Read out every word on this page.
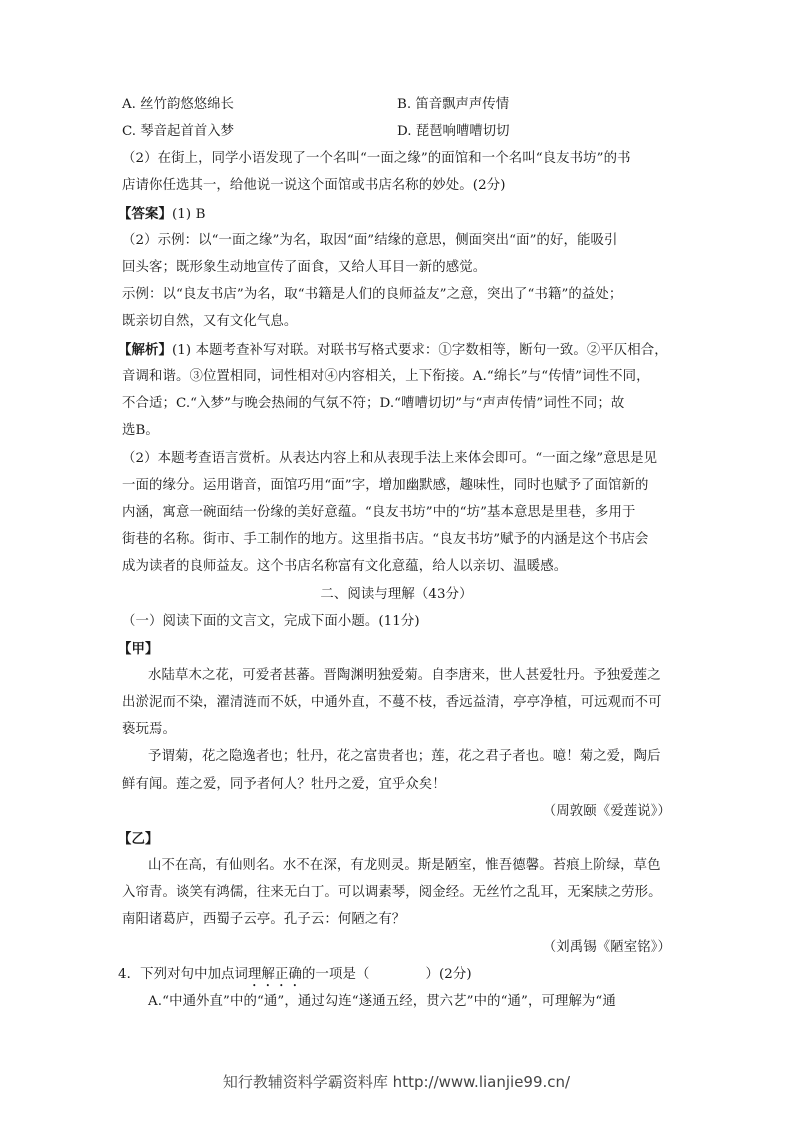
A. 丝竹韵悠悠绵长	B. 笛音飘声声传情
C. 琴音起首首入梦	D. 琵琶响嘈嘈切切
（2）在街上，同学小语发现了一个名叫“一面之缘”的面馆和一个名叫“良友书坊”的书
店请你任选其一，给他说一说这个面馆或书店名称的妙处。(2分)
【答案】(1) B
（2）示例：以“一面之缘”为名，取因“面”结缘的意思，侧面突出“面”的好，能吸引
回头客；既形象生动地宣传了面食，又给人耳目一新的感觉。
示例：以“良友书店”为名，取“书籍是人们的良师益友”之意，突出了“书籍”的益处；
既亲切自然，又有文化气息。
【解析】(1) 本题考查补写对联。对联书写格式要求：①字数相等，断句一致。②平仄相合，
音调和谐。③位置相同，词性相对④内容相关，上下衔接。A.“绵长”与“传情”词性不同，
不合适；C.“入梦”与晚会热闹的气氛不符；D.“嘈嘈切切”与“声声传情”词性不同；故
选B。
（2）本题考查语言赏析。从表达内容上和从表现手法上来体会即可。“一面之缘”意思是见
一面的缘分。运用谐音，面馆巧用“面”字，增加幽默感，趣味性，同时也赋予了面馆新的
内涵，寓意一碗面结一份缘的美好意蕴。“良友书坊”中的“坊”基本意思是里巷，多用于
街巷的名称。街市、手工制作的地方。这里指书店。“良友书坊”赋予的内涵是这个书店会
成为读者的良师益友。这个书店名称富有文化意蕴，给人以亲切、温暖感。
二、阅读与理解（43分）
（一）阅读下面的文言文，完成下面小题。(11分)
【甲】
水陆草木之花，可爱者甚蕃。晋陶渊明独爱菊。自李唐来，世人甚爱牡丹。予独爱莲之
出淤泥而不染，濯清涟而不妖，中通外直，不蔓不枝，香远益清，亭亭净植，可远观而不可
亵玩焉。
予谓菊，花之隐逸者也；牡丹，花之富贵者也；莲，花之君子者也。噫！菊之爱，陶后
鲜有闻。莲之爱，同予者何人？牡丹之爱，宜乎众矣！
（周敦颐《爱莲说》）
【乙】
山不在高，有仙则名。水不在深，有龙则灵。斯是陋室，惟吾德馨。苔痕上阶绿，草色
入帘青。谈笑有鸿儒，往来无白丁。可以调素琴，阅金经。无丝竹之乱耳，无案牍之劳形。
南阳诸葛庐，西蜀子云亭。孔子云：何陋之有？
（刘禹锡《陋室铭》）
4．下列对句中加点词理解正确的一项是（	）(2分)
A.“中通外直”中的“通”，通过勾连“遂通五经，贯六艺”中的“通”，可理解为“通
知行教辅资料学霸资料库 http://www.lianjie99.cn/
